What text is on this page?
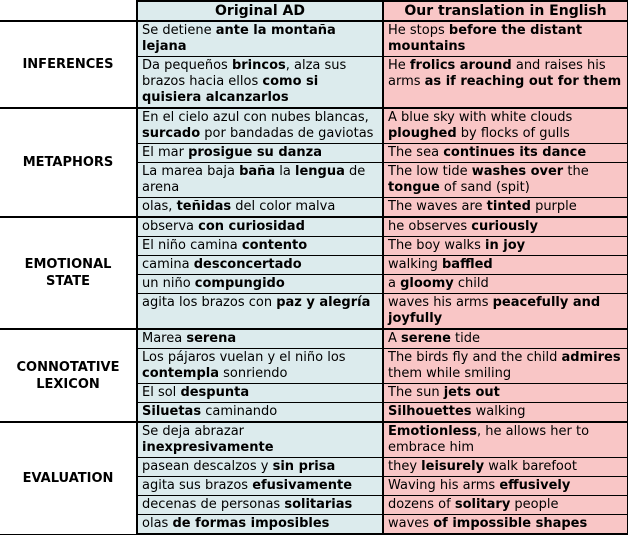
	Original AD	Our translation in English
INFERENCES	Se detiene ante la montaña lejana	He stops before the distant mountains
	Da pequeños brincos, alza sus brazos hacia ellos como si quisiera alcanzarlos	He frolics around and raises his arms as if reaching out for them
METAPHORS	En el cielo azul con nubes blancas, surcado por bandadas de gaviotas	A blue sky with white clouds ploughed by flocks of gulls
	El mar prosigue su danza	The sea continues its dance
	La marea baja baña la lengua de arena	The low tide washes over the tongue of sand (spit)
	olas, teñidas del color malva	The waves are tinted purple
EMOTIONAL STATE	observa con curiosidad	he observes curiously
	El niño camina contento	The boy walks in joy
	camina desconcertado	walking baffled
	un niño compungido	a gloomy child
	agita los brazos con paz y alegría	waves his arms peacefully and joyfully
CONNOTATIVE LEXICON	Marea serena	A serene tide
	Los pájaros vuelan y el niño los contempla sonriendo	The birds fly and the child admires them while smiling
	El sol despunta	The sun jets out
	Siluetas caminando	Silhouettes walking
EVALUATION	Se deja abrazar inexpresivamente	Emotionless, he allows her to embrace him
	pasean descalzos y sin prisa	they leisurely walk barefoot
	agita sus brazos efusivamente	Waving his arms effusively
	decenas de personas solitarias	dozens of solitary people
	olas de formas imposibles	waves of impossible shapes
